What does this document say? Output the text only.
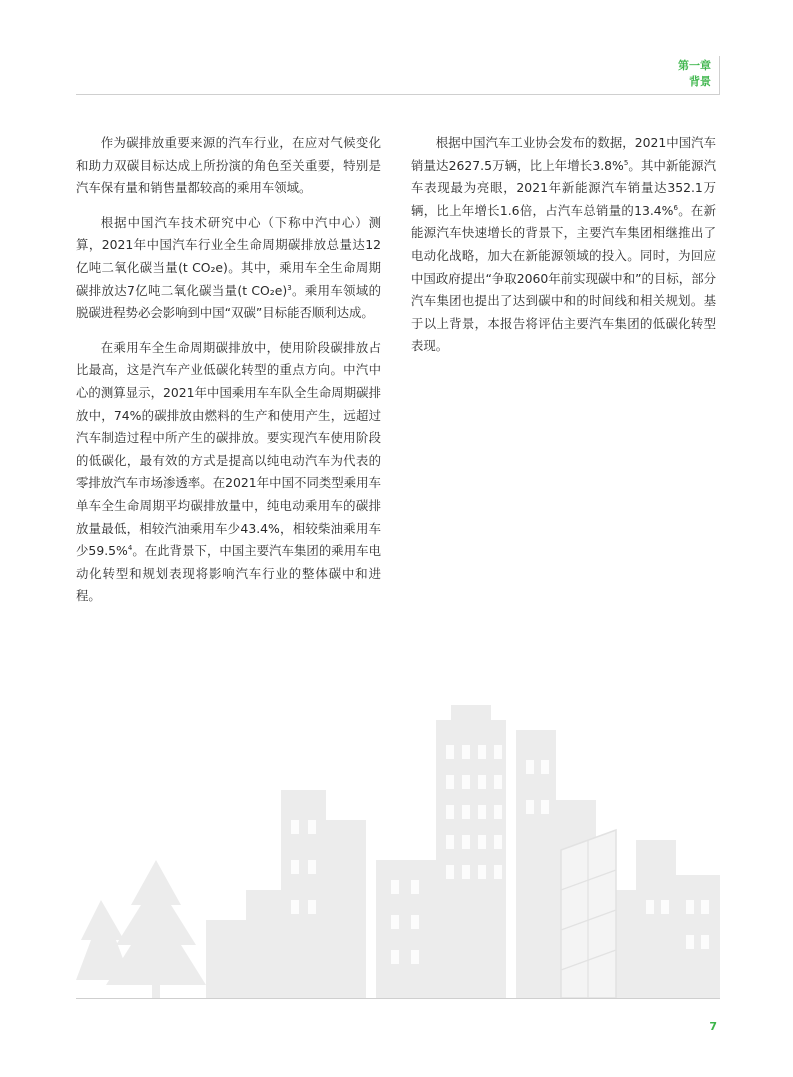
第一章
背景

作为碳排放重要来源的汽车行业，在应对气候变化和助力双碳目标达成上所扮演的角色至关重要，特别是汽车保有量和销售量都较高的乘用车领域。

根据中国汽车技术研究中心（下称中汽中心）测算，2021年中国汽车行业全生命周期碳排放总量达12亿吨二氧化碳当量(t CO₂e)。其中，乘用车全生命周期碳排放达7亿吨二氧化碳当量(t CO₂e)$^3$。乘用车领域的脱碳进程势必会影响到中国“双碳”目标能否顺利达成。

在乘用车全生命周期碳排放中，使用阶段碳排放占比最高，这是汽车产业低碳化转型的重点方向。中汽中心的测算显示，2021年中国乘用车车队全生命周期碳排放中，74%的碳排放由燃料的生产和使用产生，远超过汽车制造过程中所产生的碳排放。要实现汽车使用阶段的低碳化，最有效的方式是提高以纯电动汽车为代表的零排放汽车市场渗透率。在2021年中国不同类型乘用车单车全生命周期平均碳排放量中，纯电动乘用车的碳排放量最低，相较汽油乘用车少43.4%，相较柴油乘用车少59.5%$^4$。在此背景下，中国主要汽车集团的乘用车电动化转型和规划表现将影响汽车行业的整体碳中和进程。

根据中国汽车工业协会发布的数据，2021中国汽车销量达2627.5万辆，比上年增长3.8%$^5$。其中新能源汽车表现最为亮眼，2021年新能源汽车销量达352.1万辆，比上年增长1.6倍，占汽车总销量的13.4%$^6$。在新能源汽车快速增长的背景下，主要汽车集团相继推出了电动化战略，加大在新能源领域的投入。同时，为回应中国政府提出“争取2060年前实现碳中和”的目标，部分汽车集团也提出了达到碳中和的时间线和相关规划。基于以上背景，本报告将评估主要汽车集团的低碳化转型表现。

7
